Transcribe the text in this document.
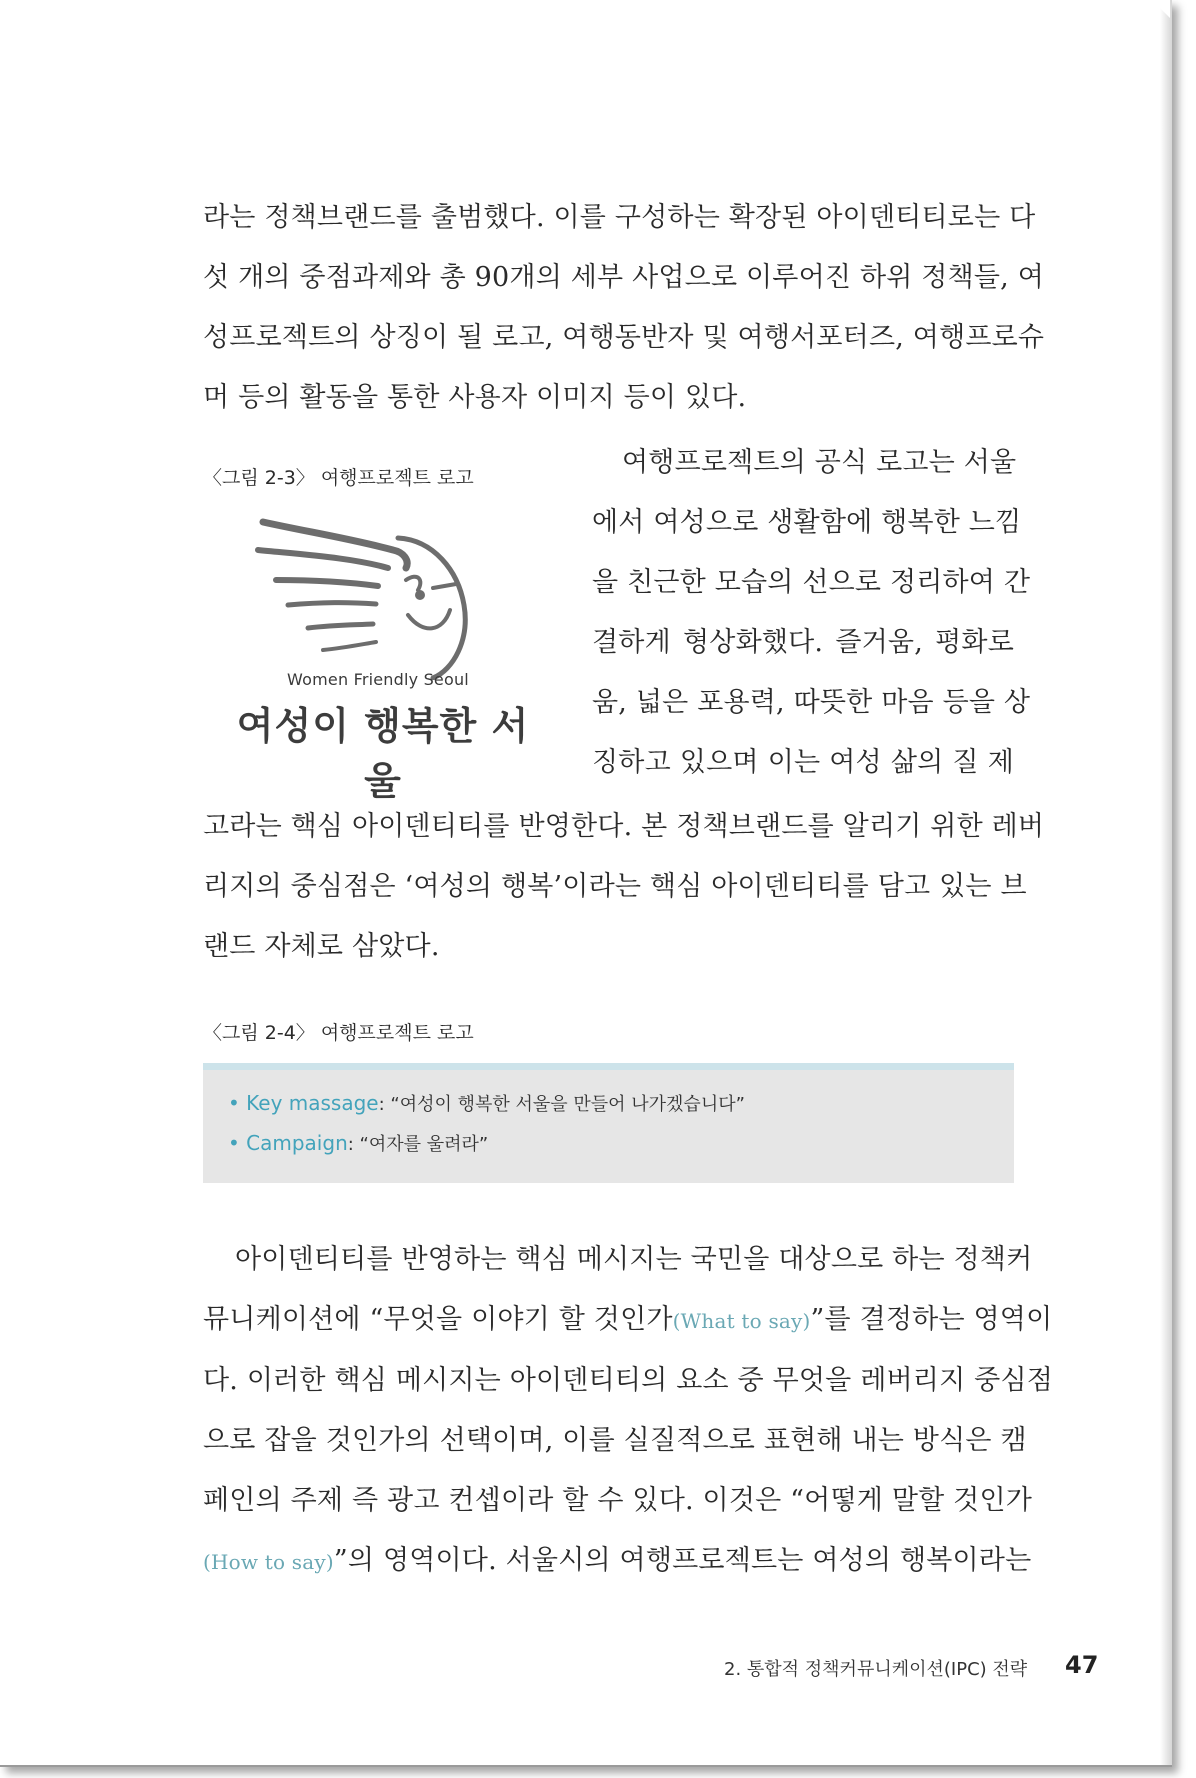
라는 정책브랜드를 출범했다. 이를 구성하는 확장된 아이덴티티로는 다
섯 개의 중점과제와 총 90개의 세부 사업으로 이루어진 하위 정책들, 여
성프로젝트의 상징이 될 로고, 여행동반자 및 여행서포터즈, 여행프로슈
머 등의 활동을 통한 사용자 이미지 등이 있다.
〈그림 2-3〉 여행프로젝트 로고
Women Friendly Seoul
여성이 행복한 서울
여행프로젝트의 공식 로고는 서울
에서 여성으로 생활함에 행복한 느낌
을 친근한 모습의 선으로 정리하여 간
결하게 형상화했다. 즐거움, 평화로
움, 넓은 포용력, 따뜻한 마음 등을 상
징하고 있으며 이는 여성 삶의 질 제
고라는 핵심 아이덴티티를 반영한다. 본 정책브랜드를 알리기 위한 레버
리지의 중심점은 ‘여성의 행복’이라는 핵심 아이덴티티를 담고 있는 브
랜드 자체로 삼았다.
〈그림 2-4〉 여행프로젝트 로고
• Key massage: “여성이 행복한 서울을 만들어 나가겠습니다”
• Campaign: “여자를 울려라”
아이덴티티를 반영하는 핵심 메시지는 국민을 대상으로 하는 정책커
뮤니케이션에 “무엇을 이야기 할 것인가(What to say)”를 결정하는 영역이
다. 이러한 핵심 메시지는 아이덴티티의 요소 중 무엇을 레버리지 중심점
으로 잡을 것인가의 선택이며, 이를 실질적으로 표현해 내는 방식은 캠
페인의 주제 즉 광고 컨셉이라 할 수 있다. 이것은 “어떻게 말할 것인가
(How to say)”의 영역이다. 서울시의 여행프로젝트는 여성의 행복이라는
2. 통합적 정책커뮤니케이션(IPC) 전략 47
